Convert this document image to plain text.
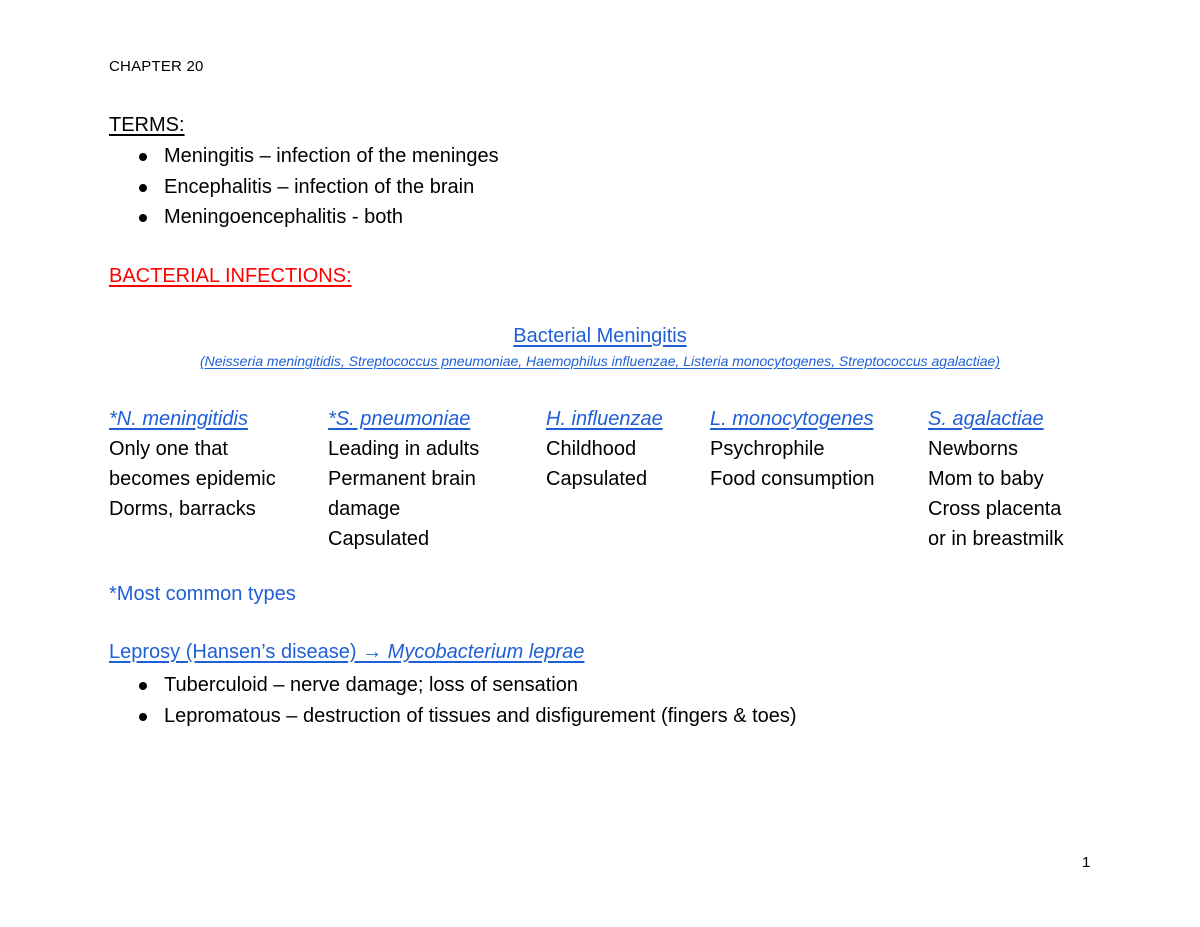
CHAPTER 20
TERMS:
Meningitis – infection of the meninges
Encephalitis – infection of the brain
Meningoencephalitis - both
BACTERIAL INFECTIONS:
Bacterial Meningitis
(Neisseria meningitidis, Streptococcus pneumoniae, Haemophilus influenzae, Listeria monocytogenes, Streptococcus agalactiae)
*N. meningitidis
Only one that
becomes epidemic
Dorms, barracks
*S. pneumoniae
Leading in adults
Permanent brain
damage
Capsulated
H. influenzae
Childhood
Capsulated
L. monocytogenes
Psychrophile
Food consumption
S. agalactiae
Newborns
Mom to baby
Cross placenta
or in breastmilk
*Most common types
Leprosy (Hansen’s disease) → Mycobacterium leprae
Tuberculoid – nerve damage; loss of sensation
Lepromatous – destruction of tissues and disfigurement (fingers & toes)
1
